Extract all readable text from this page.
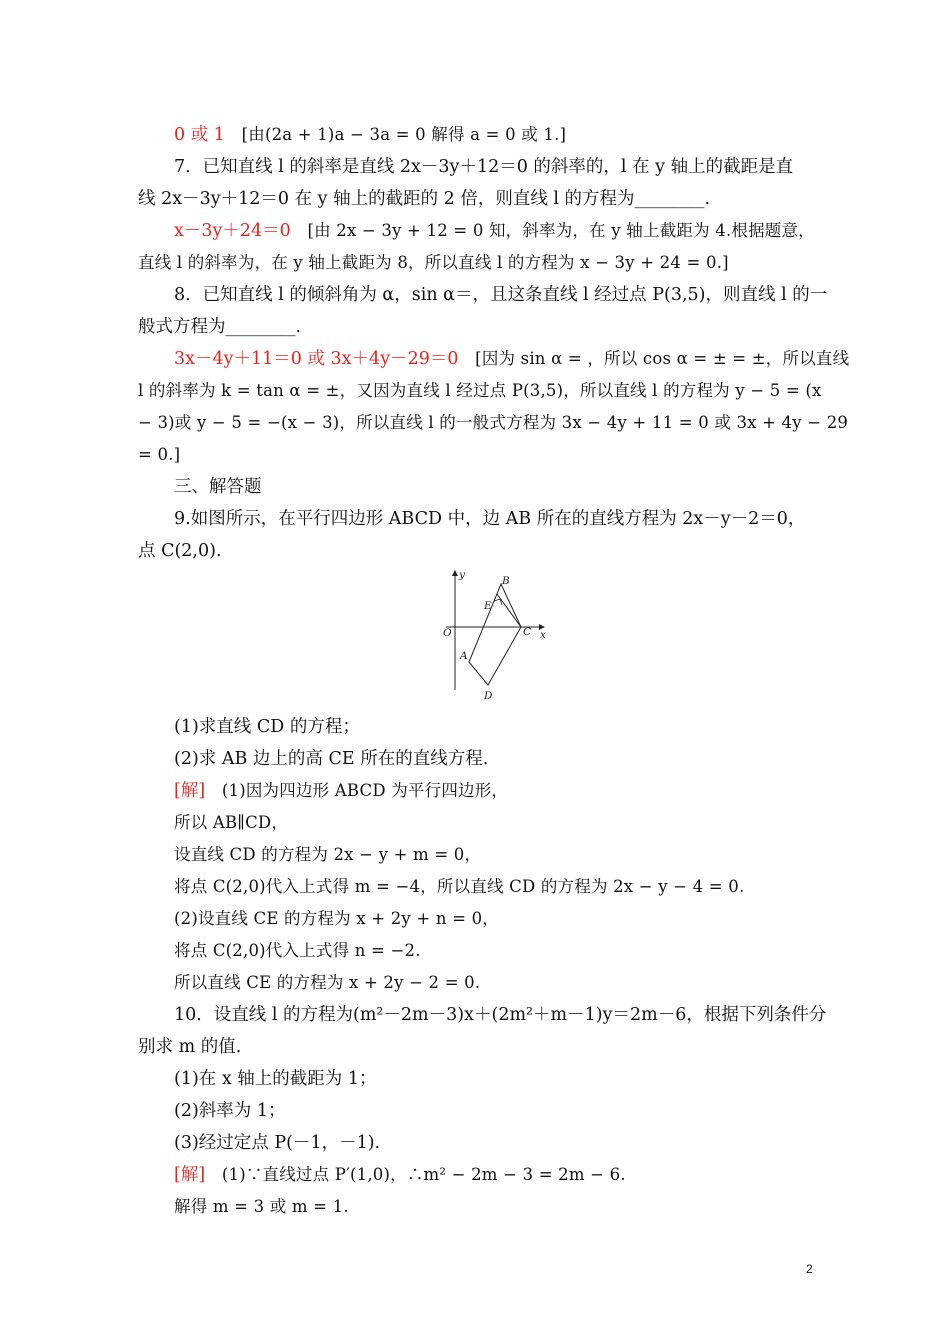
0 或 1　[由(2a + 1)a − 3a = 0 解得 a = 0 或 1.]
7．已知直线 l 的斜率是直线 2x－3y＋12＝0 的斜率的，l 在 y 轴上的截距是直
线 2x－3y＋12＝0 在 y 轴上的截距的 2 倍，则直线 l 的方程为________.
x－3y＋24＝0　[由 2x − 3y + 12 = 0 知，斜率为，在 y 轴上截距为 4.根据题意，
直线 l 的斜率为，在 y 轴上截距为 8，所以直线 l 的方程为 x − 3y + 24 = 0.]
8．已知直线 l 的倾斜角为 α，sin α＝，且这条直线 l 经过点 P(3,5)，则直线 l 的一
般式方程为________.
3x－4y＋11＝0 或 3x＋4y－29＝0　[因为 sin α = ，所以 cos α = ± = ±，所以直线
l 的斜率为 k = tan α = ±，又因为直线 l 经过点 P(3,5)，所以直线 l 的方程为 y − 5 = (x
− 3)或 y − 5 = −(x − 3)，所以直线 l 的一般式方程为 3x − 4y + 11 = 0 或 3x + 4y − 29
= 0.]
三、解答题
9.如图所示，在平行四边形 ABCD 中，边 AB 所在的直线方程为 2x－y－2＝0，
点 C(2,0).
y
x
O
A
B
C
D
E
(1)求直线 CD 的方程；
(2)求 AB 边上的高 CE 所在的直线方程.
[解]　(1)因为四边形 ABCD 为平行四边形，
所以 AB∥CD，
设直线 CD 的方程为 2x − y + m = 0，
将点 C(2,0)代入上式得 m = −4，所以直线 CD 的方程为 2x − y − 4 = 0.
(2)设直线 CE 的方程为 x + 2y + n = 0，
将点 C(2,0)代入上式得 n = −2.
所以直线 CE 的方程为 x + 2y − 2 = 0.
10．设直线 l 的方程为(m²－2m－3)x＋(2m²＋m－1)y＝2m－6，根据下列条件分
别求 m 的值.
(1)在 x 轴上的截距为 1；
(2)斜率为 1；
(3)经过定点 P(－1，－1).
[解]　(1)∵直线过点 P′(1,0)，∴m² − 2m − 3 = 2m − 6.
解得 m = 3 或 m = 1.
2
